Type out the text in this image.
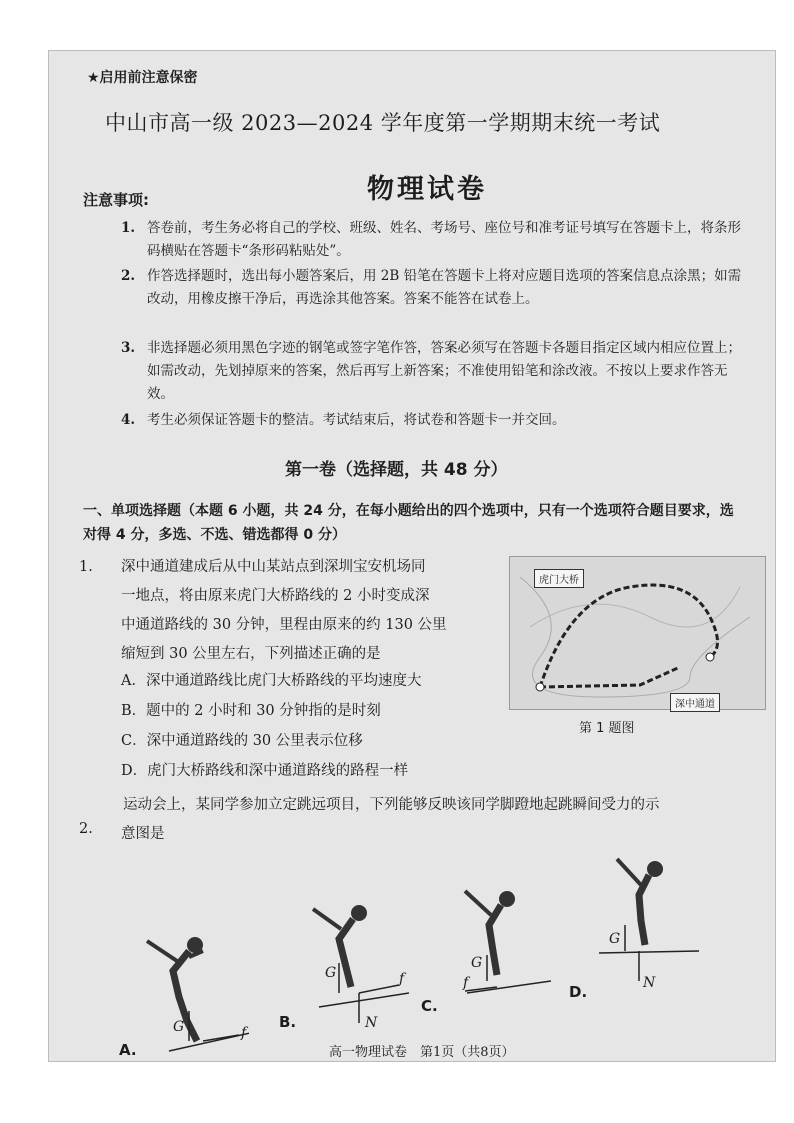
★启用前注意保密
中山市高一级 2023—2024 学年度第一学期期末统一考试
物理试卷
注意事项:
1. 答卷前，考生务必将自己的学校、班级、姓名、考场号、座位号和准考证号填写在答题卡上，将条形码横贴在答题卡“条形码粘贴处”。
2. 作答选择题时，选出每小题答案后，用 2B 铅笔在答题卡上将对应题目选项的答案信息点涂黑；如需改动，用橡皮擦干净后，再选涂其他答案。答案不能答在试卷上。
3. 非选择题必须用黑色字迹的钢笔或签字笔作答，答案必须写在答题卡各题目指定区域内相应位置上；如需改动，先划掉原来的答案，然后再写上新答案；不准使用铅笔和涂改液。不按以上要求作答无效。
4. 考生必须保证答题卡的整洁。考试结束后，将试卷和答题卡一并交回。
第一卷（选择题，共 48 分）
一、单项选择题（本题 6 小题，共 24 分，在每小题给出的四个选项中，只有一个选项符合题目要求，选对得 4 分，多选、不选、错选都得 0 分）
1. 深中通道建成后从中山某站点到深圳宝安机场同
一地点，将由原来虎门大桥路线的 2 小时变成深
中通道路线的 30 分钟，里程由原来的约 130 公里
缩短到 30 公里左右，下列描述正确的是
A．深中通道路线比虎门大桥路线的平均速度大
B．题中的 2 小时和 30 分钟指的是时刻
C．深中通道路线的 30 公里表示位移
D．虎门大桥路线和深中通道路线的路程一样
虎门大桥
深中通道
第 1 题图
2.
运动会上，某同学参加立定跳远项目，下列能够反映该同学脚蹬地起跳瞬间受力的示
意图是
G	f
A.
G	f
N
B.
G
f
C.
G
N
D.
高一物理试卷　第1页（共8页）
